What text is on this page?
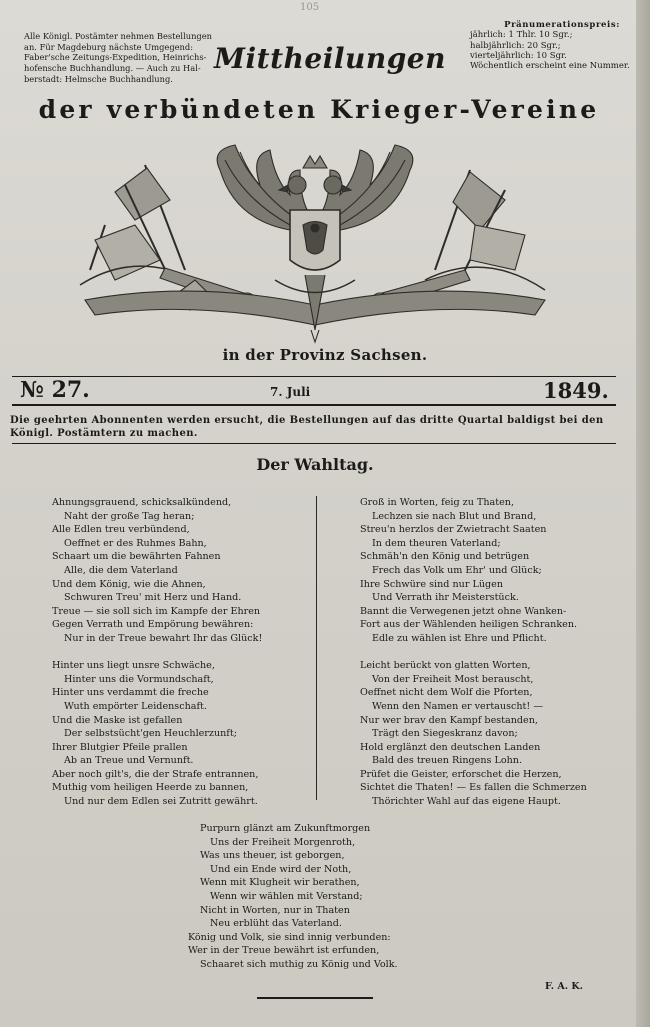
105
Alle Königl. Postämter nehmen Bestellungen
an. Für Magdeburg nächste Umgegend:
Faber'sche Zeitungs-Expedition, Heinrichs-
hofensche Buchhandlung. — Auch zu Hal-
berstadt: Helmsche Buchhandlung.
Pränumerationspreis:
jährlich: 1 Thlr. 10 Sgr.;
halbjährlich: 20 Sgr.;
vierteljährlich: 10 Sgr.
Wöchentlich erscheint eine Nummer.
Mittheilungen
der verbündeten Krieger-Vereine
in der Provinz Sachsen.
№ 27.	7. Juli	1849.
Die geehrten Abonnenten werden ersucht, die Bestellungen auf das dritte Quartal baldigst bei den
Königl. Postämtern zu machen.
Der Wahltag.
Ahnungsgrauend, schicksalkündend,
Naht der große Tag heran;
Alle Edlen treu verbündend,
Oeffnet er des Ruhmes Bahn,
Schaart um die bewährten Fahnen
Alle, die dem Vaterland
Und dem König, wie die Ahnen,
Schwuren Treu' mit Herz und Hand.
Treue — sie soll sich im Kampfe der Ehren
Gegen Verrath und Empörung bewähren:
Nur in der Treue bewahrt Ihr das Glück!
Hinter uns liegt unsre Schwäche,
Hinter uns die Vormundschaft,
Hinter uns verdammt die freche
Wuth empörter Leidenschaft.
Und die Maske ist gefallen
Der selbstsücht'gen Heuchlerzunft;
Ihrer Blutgier Pfeile prallen
Ab an Treue und Vernunft.
Aber noch gilt's, die der Strafe entrannen,
Muthig vom heiligen Heerde zu bannen,
Und nur dem Edlen sei Zutritt gewährt.
Groß in Worten, feig zu Thaten,
Lechzen sie nach Blut und Brand,
Streu'n herzlos der Zwietracht Saaten
In dem theuren Vaterland;
Schmäh'n den König und betrügen
Frech das Volk um Ehr' und Glück;
Ihre Schwüre sind nur Lügen
Und Verrath ihr Meisterstück.
Bannt die Verwegenen jetzt ohne Wanken-
Fort aus der Wählenden heiligen Schranken.
Edle zu wählen ist Ehre und Pflicht.
Leicht berückt von glatten Worten,
Von der Freiheit Most berauscht,
Oeffnet nicht dem Wolf die Pforten,
Wenn den Namen er vertauscht! —
Nur wer brav den Kampf bestanden,
Trägt den Siegeskranz davon;
Hold erglänzt den deutschen Landen
Bald des treuen Ringens Lohn.
Prüfet die Geister, erforschet die Herzen,
Sichtet die Thaten! — Es fallen die Schmerzen
Thörichter Wahl auf das eigene Haupt.
Purpurn glänzt am Zukunftmorgen
Uns der Freiheit Morgenroth,
Was uns theuer, ist geborgen,
Und ein Ende wird der Noth,
Wenn mit Klugheit wir berathen,
Wenn wir wählen mit Verstand;
Nicht in Worten, nur in Thaten
Neu erblüht das Vaterland.
König und Volk, sie sind innig verbunden:
Wer in der Treue bewährt ist erfunden,
Schaaret sich muthig zu König und Volk.
F. A. K.
